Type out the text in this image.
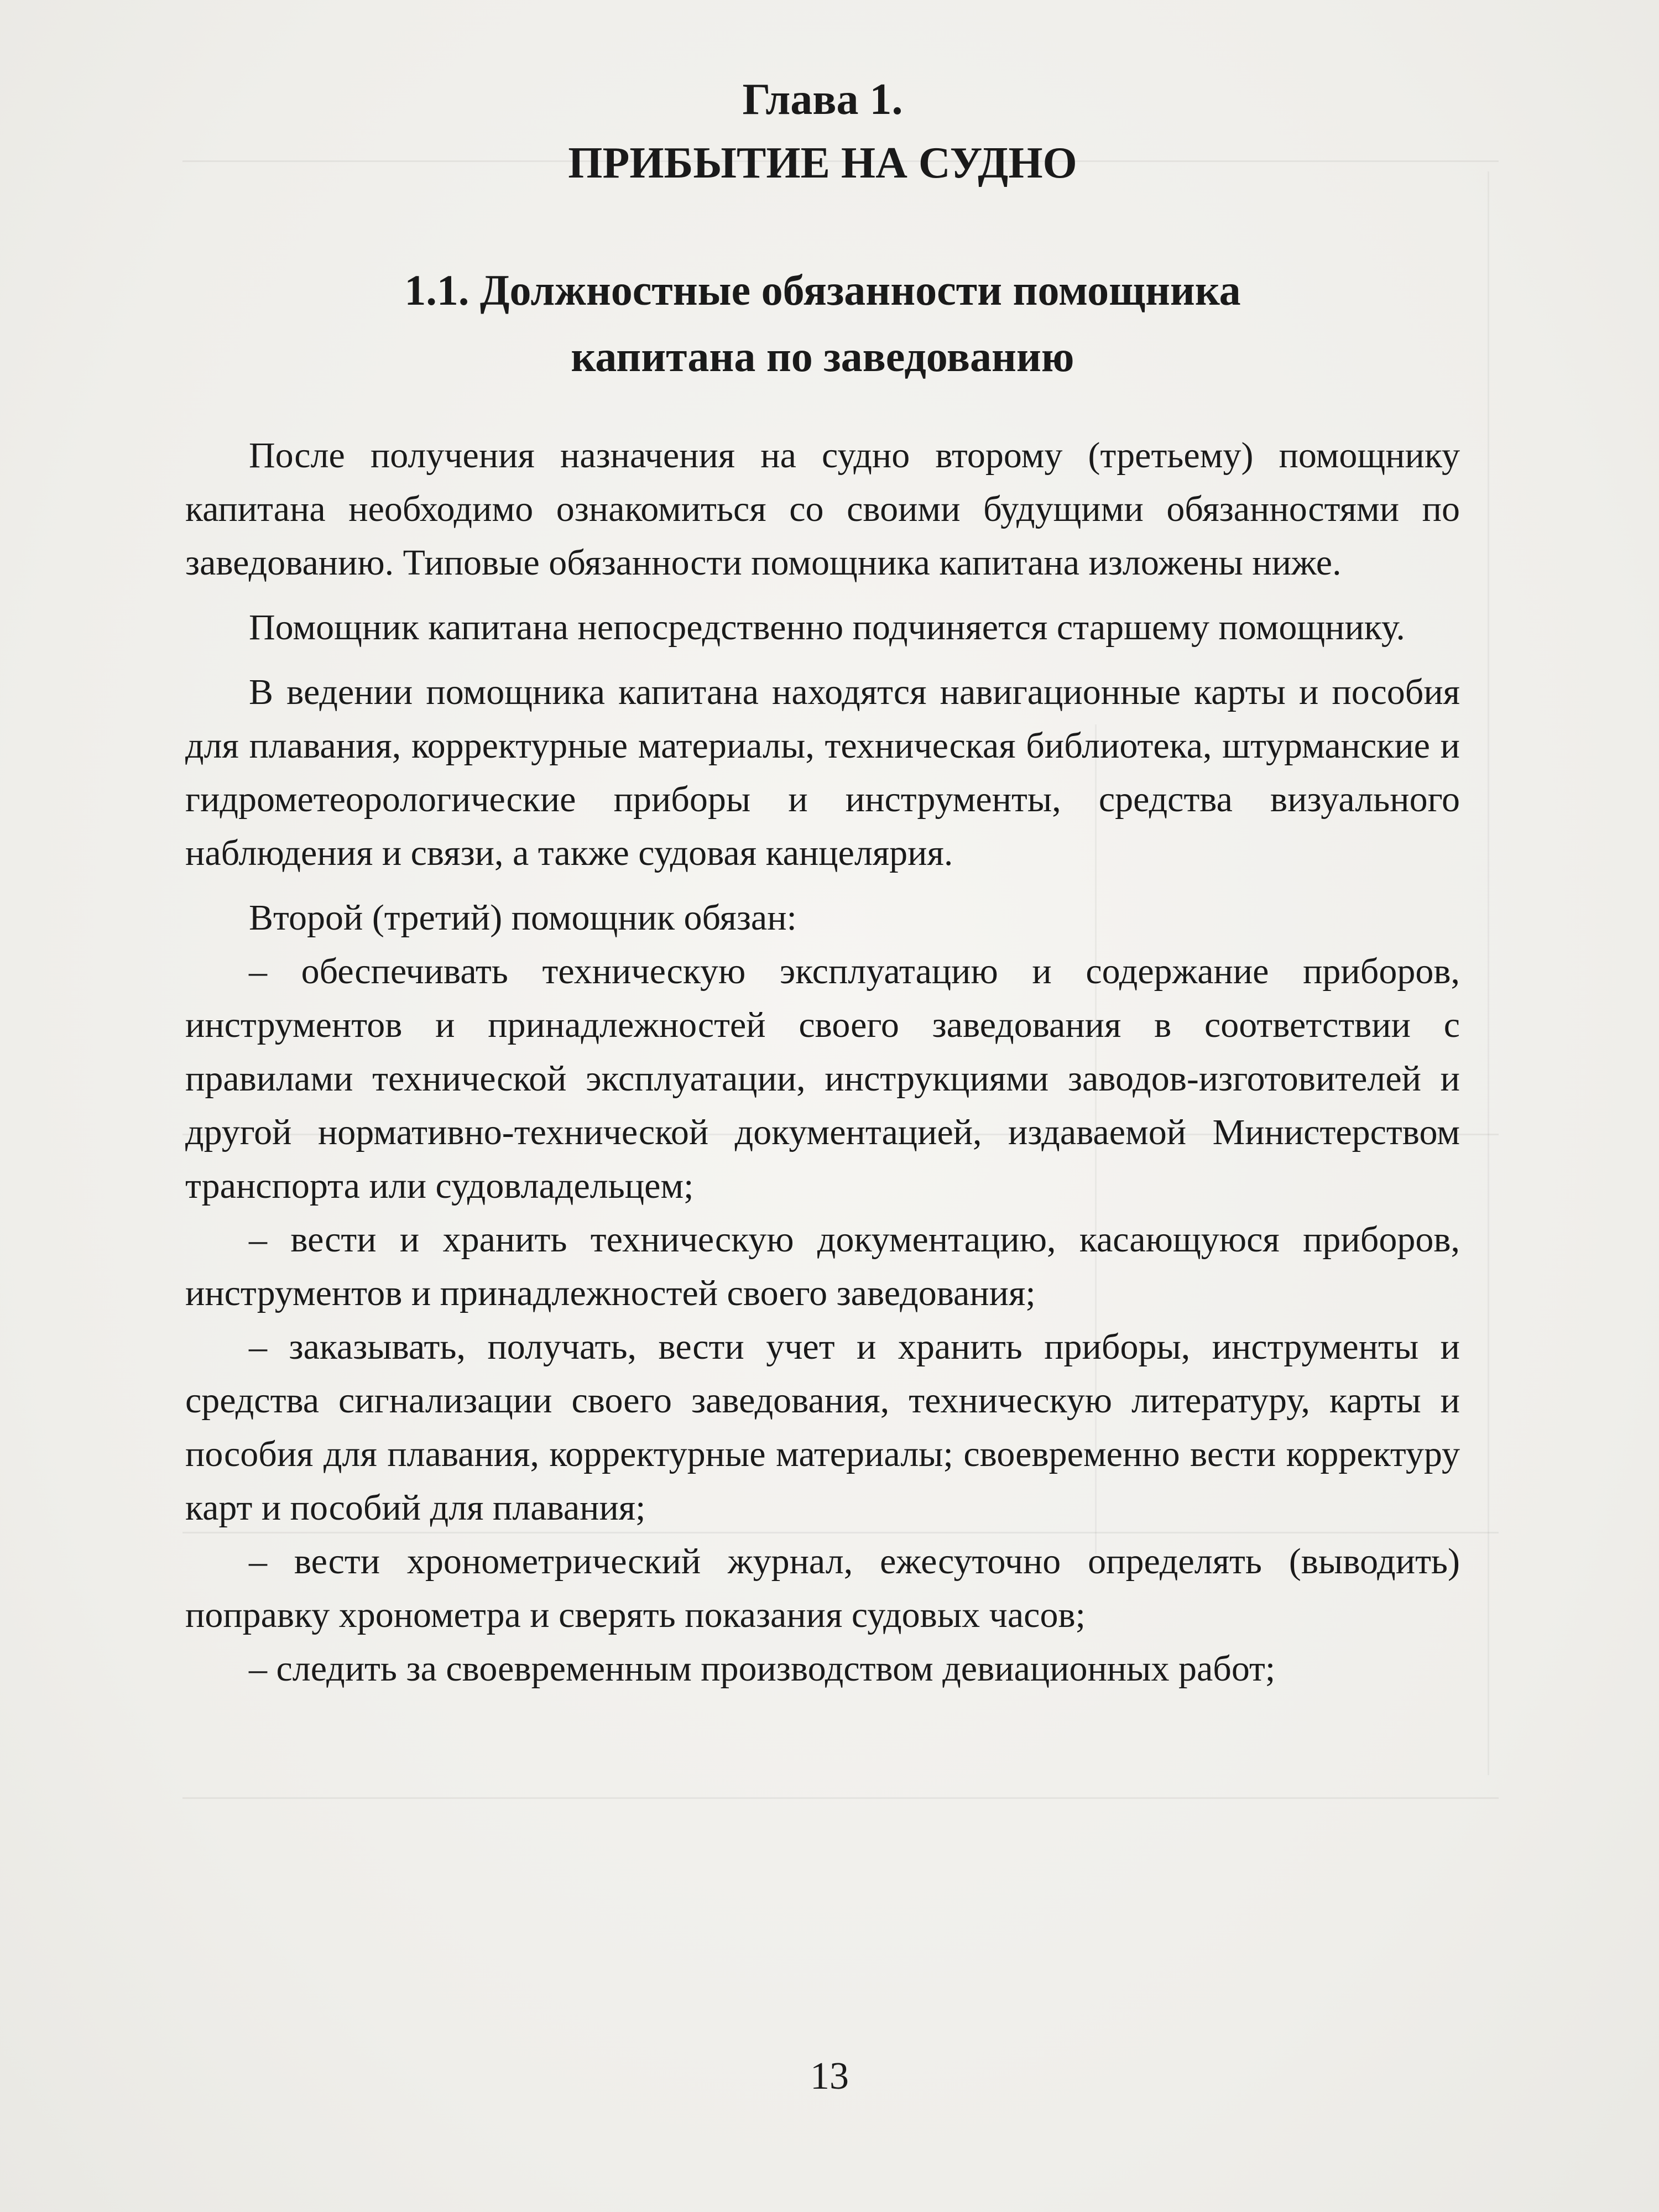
Глава 1.
ПРИБЫТИЕ НА СУДНО
1.1. Должностные обязанности помощника
капитана по заведованию

После получения назначения на судно второму (третьему) помощнику капитана необходимо ознакомиться со своими будущими обязанностями по заведованию. Типовые обязанности помощника капитана изложены ниже.

Помощник капитана непосредственно подчиняется старшему помощнику.

В ведении помощника капитана находятся навигационные карты и пособия для плавания, корректурные материалы, техническая библиотека, штурманские и гидрометеорологические приборы и инструменты, средства визуального наблюдения и связи, а также судовая канцелярия.

Второй (третий) помощник обязан:

– обеспечивать техническую эксплуатацию и содержание приборов, инструментов и принадлежностей своего заведования в соответствии с правилами технической эксплуатации, инструкциями заводов-изготовителей и другой нормативно-технической документацией, издаваемой Министерством транспорта или судовладельцем;

– вести и хранить техническую документацию, касающуюся приборов, инструментов и принадлежностей своего заведования;

– заказывать, получать, вести учет и хранить приборы, инструменты и средства сигнализации своего заведования, техническую литературу, карты и пособия для плавания, корректурные материалы; своевременно вести корректуру карт и пособий для плавания;

– вести хронометрический журнал, ежесуточно определять (выводить) поправку хронометра и сверять показания судовых часов;

– следить за своевременным производством девиационных работ;

13
